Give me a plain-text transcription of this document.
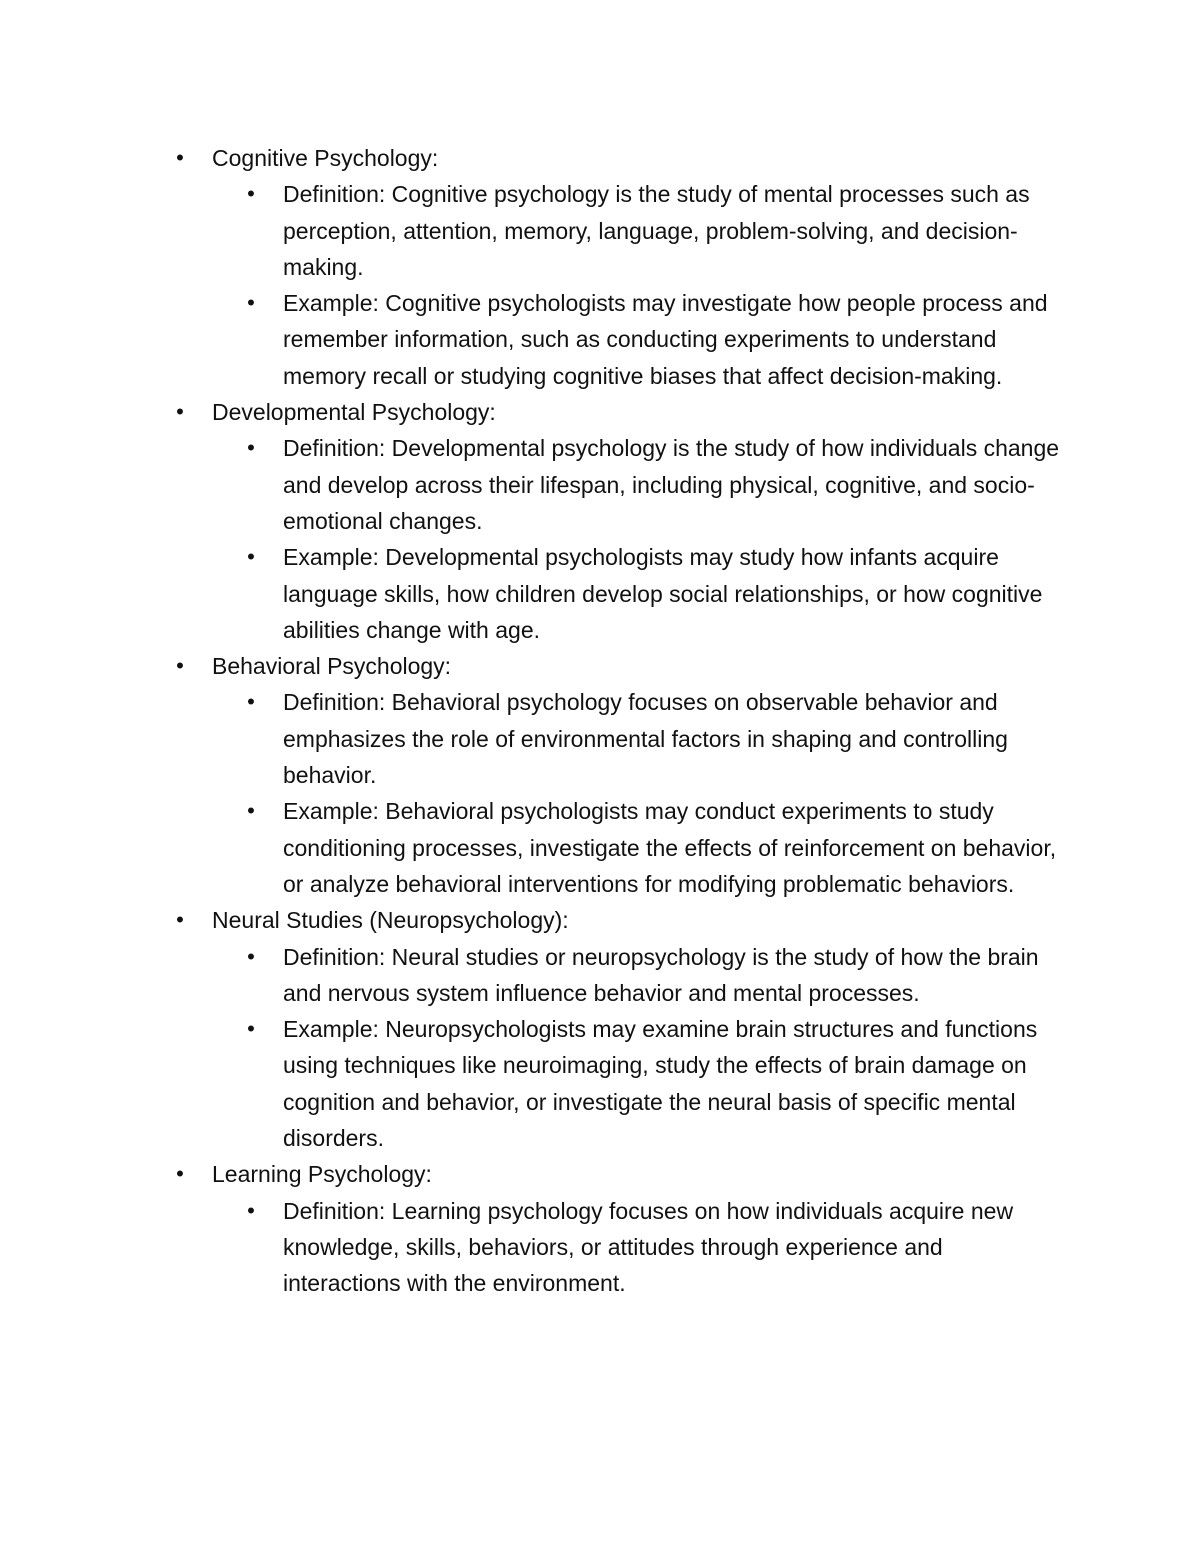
• Cognitive Psychology:
• Definition: Cognitive psychology is the study of mental processes such as perception, attention, memory, language, problem-solving, and decision-making.
• Example: Cognitive psychologists may investigate how people process and remember information, such as conducting experiments to understand memory recall or studying cognitive biases that affect decision-making.
• Developmental Psychology:
• Definition: Developmental psychology is the study of how individuals change and develop across their lifespan, including physical, cognitive, and socio-emotional changes.
• Example: Developmental psychologists may study how infants acquire language skills, how children develop social relationships, or how cognitive abilities change with age.
• Behavioral Psychology:
• Definition: Behavioral psychology focuses on observable behavior and emphasizes the role of environmental factors in shaping and controlling behavior.
• Example: Behavioral psychologists may conduct experiments to study conditioning processes, investigate the effects of reinforcement on behavior, or analyze behavioral interventions for modifying problematic behaviors.
• Neural Studies (Neuropsychology):
• Definition: Neural studies or neuropsychology is the study of how the brain and nervous system influence behavior and mental processes.
• Example: Neuropsychologists may examine brain structures and functions using techniques like neuroimaging, study the effects of brain damage on cognition and behavior, or investigate the neural basis of specific mental disorders.
• Learning Psychology:
• Definition: Learning psychology focuses on how individuals acquire new knowledge, skills, behaviors, or attitudes through experience and interactions with the environment.
